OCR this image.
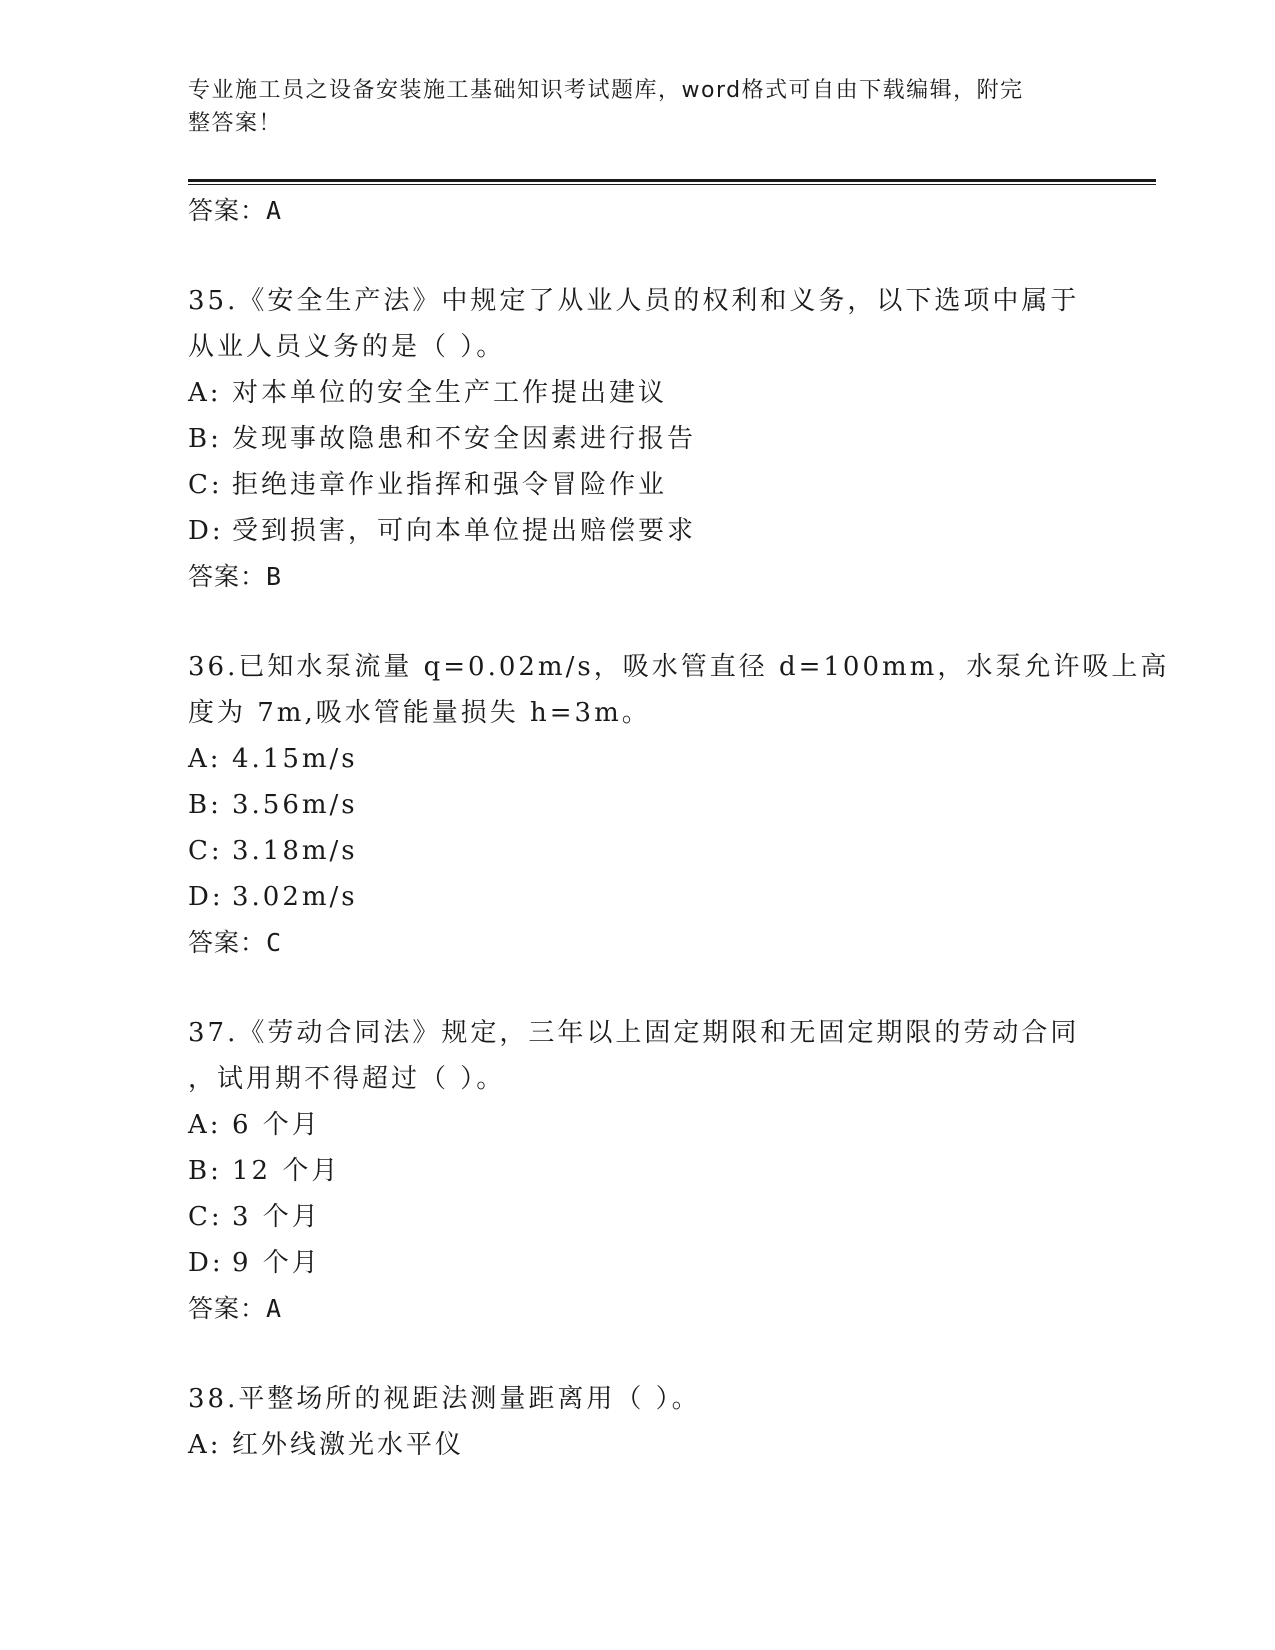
专业施工员之设备安装施工基础知识考试题库，word格式可自由下载编辑，附完
整答案！
答案：A
35.《安全生产法》中规定了从业人员的权利和义务，以下选项中属于
从业人员义务的是（ ）。
A: 对本单位的安全生产工作提出建议
B: 发现事故隐患和不安全因素进行报告
C: 拒绝违章作业指挥和强令冒险作业
D: 受到损害，可向本单位提出赔偿要求
答案：B
36.已知水泵流量 q=0.02m/s，吸水管直径 d=100mm，水泵允许吸上高
度为 7m,吸水管能量损失 h=3m。
A: 4.15m/s
B: 3.56m/s
C: 3.18m/s
D: 3.02m/s
答案：C
37.《劳动合同法》规定，三年以上固定期限和无固定期限的劳动合同
，试用期不得超过（ ）。
A: 6 个月
B: 12 个月
C: 3 个月
D: 9 个月
答案：A
38.平整场所的视距法测量距离用（ ）。
A: 红外线激光水平仪
